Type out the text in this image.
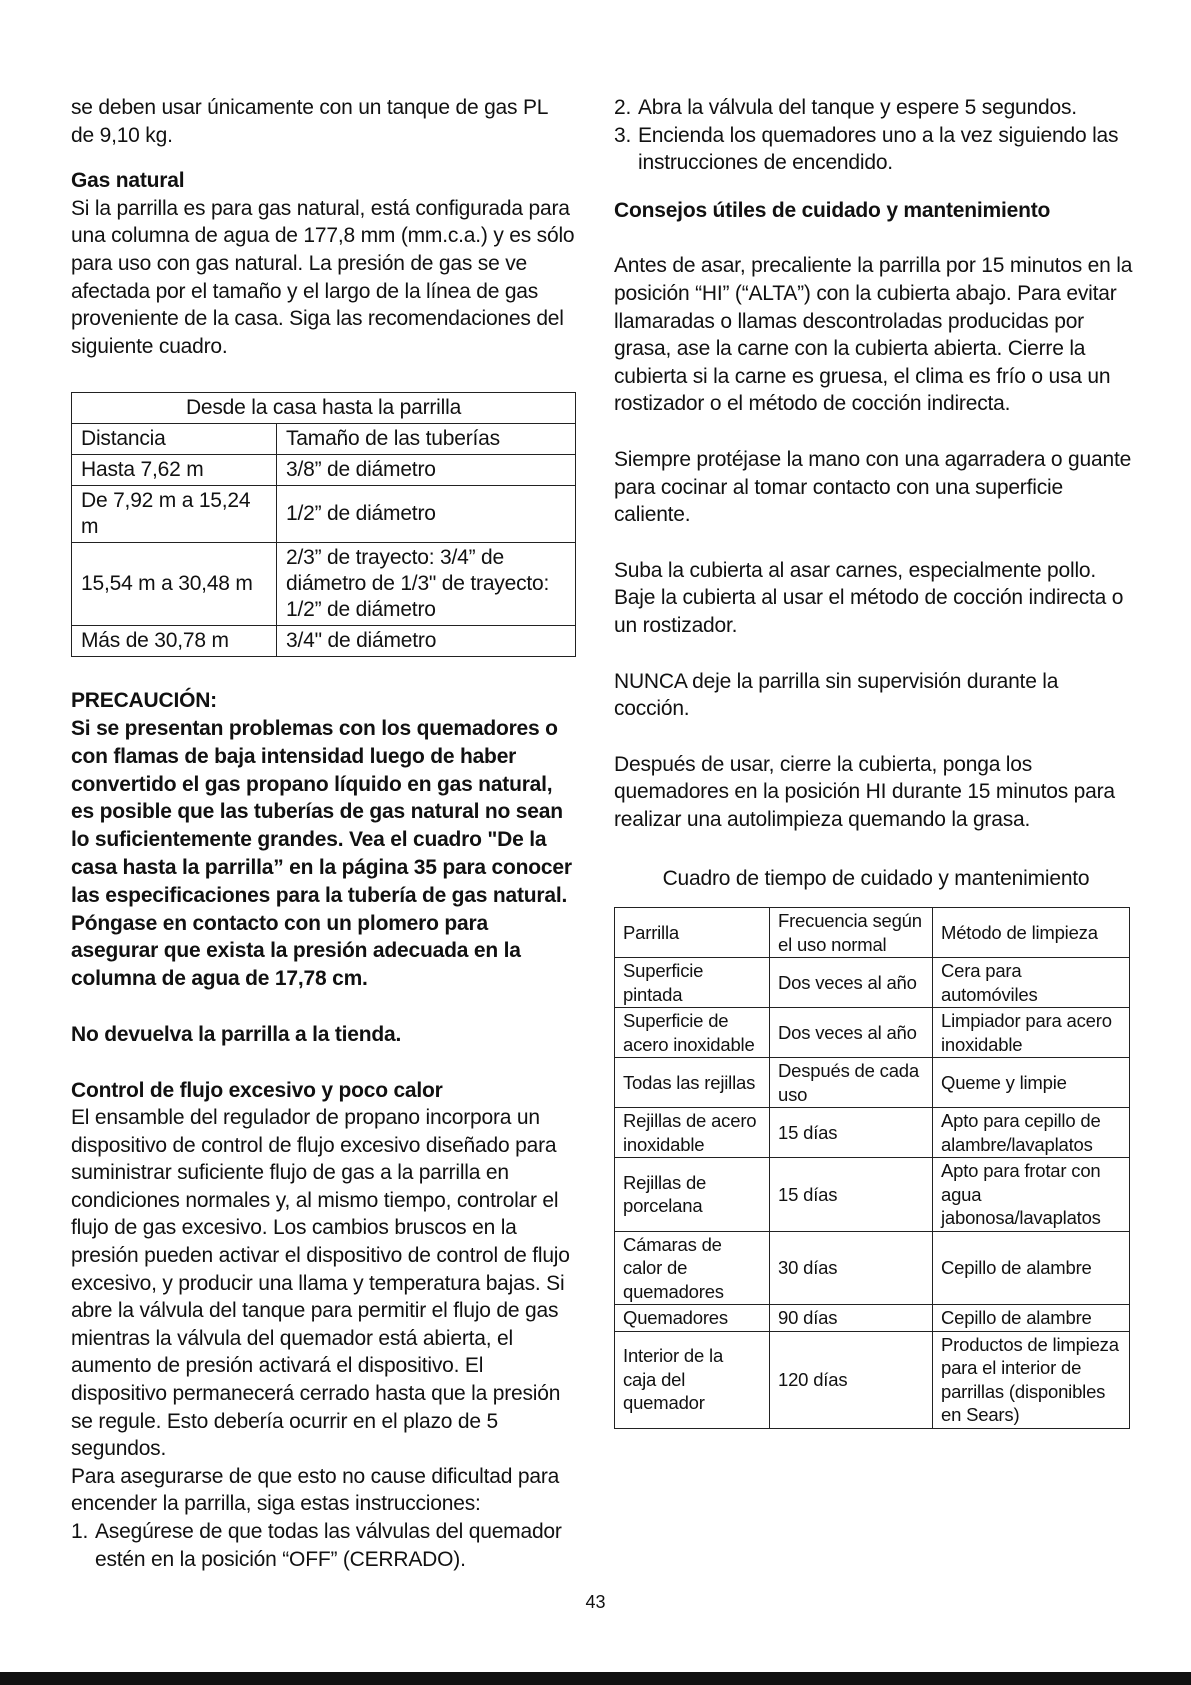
se deben usar únicamente con un tanque de gas PL de 9,10 kg.

Gas natural

Si la parrilla es para gas natural, está configurada para una columna de agua de 177,8 mm (mm.c.a.) y es sólo para uso con gas natural. La presión de gas se ve afectada por el tamaño y el largo de la línea de gas proveniente de la casa. Siga las recomendaciones del siguiente cuadro.

Desde la casa hasta la parrilla	
Distancia	Tamaño de las tuberías
Hasta 7,62 m	3/8” de diámetro
De 7,92 m a 15,24 m	1/2” de diámetro
15,54 m a 30,48 m	2/3” de trayecto: 3/4” de diámetro de 1/3" de trayecto: 1/2” de diámetro
Más de 30,78 m	3/4" de diámetro

PRECAUCIÓN:

Si se presentan problemas con los quemadores o con flamas de baja intensidad luego de haber convertido el gas propano líquido en gas natural, es posible que las tuberías de gas natural no sean lo suficientemente grandes. Vea el cuadro "De la casa hasta la parrilla” en la página 35 para conocer las especificaciones para la tubería de gas natural. Póngase en contacto con un plomero para asegurar que exista la presión adecuada en la columna de agua de 17,78 cm.

No devuelva la parrilla a la tienda.

Control de flujo excesivo y poco calor

El ensamble del regulador de propano incorpora un dispositivo de control de flujo excesivo diseñado para suministrar suficiente flujo de gas a la parrilla en condiciones normales y, al mismo tiempo, controlar el flujo de gas excesivo. Los cambios bruscos en la presión pueden activar el dispositivo de control de flujo excesivo, y producir una llama y temperatura bajas. Si abre la válvula del tanque para permitir el flujo de gas mientras la válvula del quemador está abierta, el aumento de presión activará el dispositivo. El dispositivo permanecerá cerrado hasta que la presión se regule. Esto debería ocurrir en el plazo de 5 segundos.

Para asegurarse de que esto no cause dificultad para encender la parrilla, siga estas instrucciones:

1. Asegúrese de que todas las válvulas del quemador estén en la posición “OFF” (CERRADO).
2. Abra la válvula del tanque y espere 5 segundos.
3. Encienda los quemadores uno a la vez siguiendo las instrucciones de encendido.

Consejos útiles de cuidado y mantenimiento

Antes de asar, precaliente la parrilla por 15 minutos en la posición “HI” (“ALTA”) con la cubierta abajo. Para evitar llamaradas o llamas descontroladas producidas por grasa, ase la carne con la cubierta abierta. Cierre la cubierta si la carne es gruesa, el clima es frío o usa un rostizador o el método de cocción indirecta.

Siempre protéjase la mano con una agarradera o guante para cocinar al tomar contacto con una superficie caliente.

Suba la cubierta al asar carnes, especialmente pollo. Baje la cubierta al usar el método de cocción indirecta o un rostizador.

NUNCA deje la parrilla sin supervisión durante la cocción.

Después de usar, cierre la cubierta, ponga los quemadores en la posición HI durante 15 minutos para realizar una autolimpieza quemando la grasa.

Cuadro de tiempo de cuidado y mantenimiento

Parrilla	Frecuencia según el uso normal	Método de limpieza
Superficie pintada	Dos veces al año	Cera para automóviles
Superficie de acero inoxidable	Dos veces al año	Limpiador para acero inoxidable
Todas las rejillas	Después de cada uso	Queme y limpie
Rejillas de acero inoxidable	15 días	Apto para cepillo de alambre/lavaplatos
Rejillas de porcelana	15 días	Apto para frotar con agua jabonosa/lavaplatos
Cámaras de calor de quemadores	30 días	Cepillo de alambre
Quemadores	90 días	Cepillo de alambre
Interior de la caja del quemador	120 días	Productos de limpieza para el interior de parrillas (disponibles en Sears)
43
